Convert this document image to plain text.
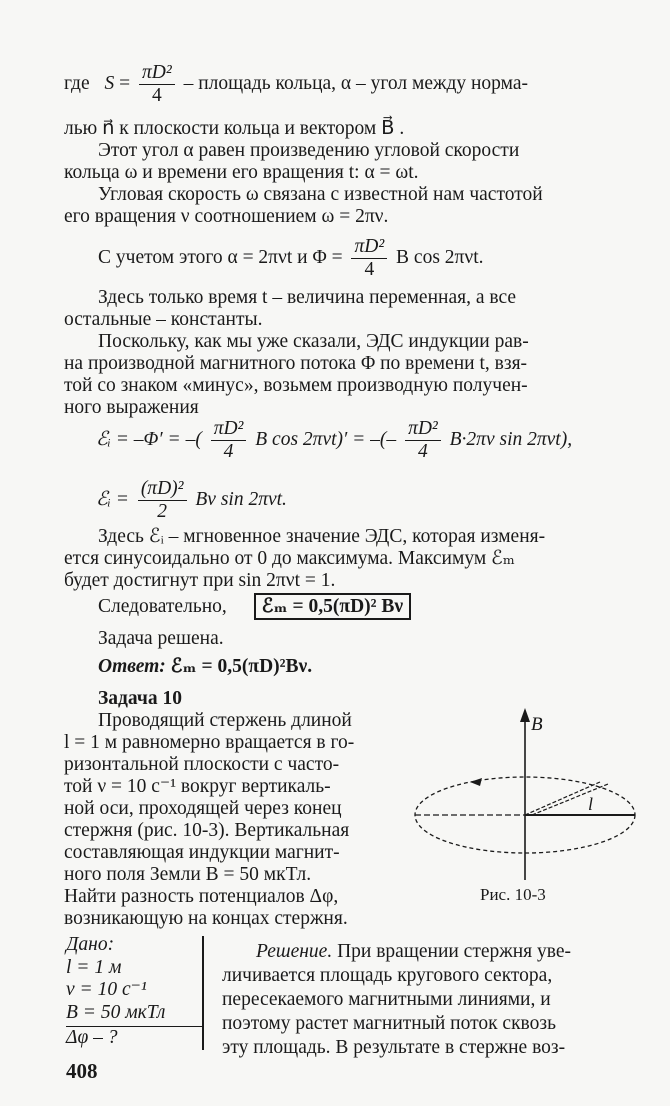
где $S = \frac{\text{πD²}}{4}$ – площадь кольца, α – угол между норма-
лью n⃗ к плоскости кольца и вектором B⃗ .
Этот угол α равен произведению угловой скорости
кольца ω и времени его вращения t: α = ωt.
Угловая скорость ω связана с известной нам частотой
его вращения ν соотношением ω = 2πν.
С учетом этого α = 2πνt и $\Phi = \frac{\text{πD²}}{4}$ B cos 2πνt.
Здесь только время t – величина переменная, а все
остальные – константы.
Поскольку, как мы уже сказали, ЭДС индукции рав-
на производной магнитного потока Φ по времени t, взя-
той со знаком «минус», возьмем производную получен-
ного выражения
ℰᵢ = –Φ′ = –( $\frac{\text{πD²}}{4}$ B cos 2πνt)′ = –(– $\frac{\text{πD²}}{4} B\cdot 2\pi\nu$ sin 2πνt),
ℰᵢ = $\frac{\text{(πD)²}}{2}$ Bν sin 2πνt.
Здесь ℰᵢ – мгновенное значение ЭДС, которая изменя-
ется синусоидально от 0 до максимума. Максимум ℰₘ
будет достигнут при sin 2πνt = 1.
Следовательно, ℰₘ = 0,5(πD)² Bν
Задача решена.
Ответ: ℰₘ = 0,5(πD)²Bν.
Задача 10
Проводящий стержень длиной
l = 1 м равномерно вращается в го-
ризонтальной плоскости с часто-
той ν = 10 с⁻¹ вокруг вертикаль-
ной оси, проходящей через конец
стержня (рис. 10-3). Вертикальная
составляющая индукции магнит-
ного поля Земли B = 50 мкТл.
Найти разность потенциалов Δφ,
возникающую на концах стержня.
B⃗
l
Рис. 10-3
Дано:
l = 1 м
ν = 10 с⁻¹
B = 50 мкТл
Δφ – ?
Решение. При вращении стержня уве-
личивается площадь кругового сектора,
пересекаемого магнитными линиями, и
поэтому растет магнитный поток сквозь
эту площадь. В результате в стержне воз-
408
